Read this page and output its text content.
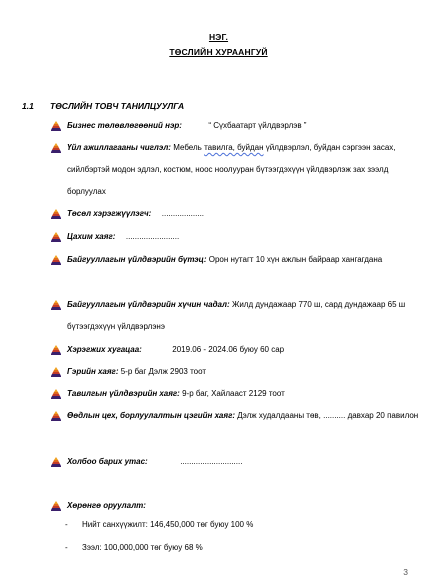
НЭГ.
ТӨСЛИЙН ХУРААНГУЙ
1.1 ТӨСЛИЙН ТОВЧ ТАНИЛЦУУЛГА
Бизнес төлөвлөгөөний нэр:	“ Сүхбаатарт үйлдвэрлэв ”
Үйл ажиллагааны чиглэл: Мебель тавилга, буйдан үйлдвэрлэл, буйдан сэргээн засах, сийлбэртэй модон эдлэл, костюм, ноос ноолууран бүтээгдэхүүн үйлдвэрлэж зах зээлд борлуулах
Төсөл хэрэгжүүлэгч: ...................
Цахим хаяг: ........................
Байгууллагын үйлдвэрийн бүтэц: Орон нутагт 10 хүн ажлын байраар хангагдана
Байгууллагын үйлдвэрийн хүчин чадал: Жилд дундажаар 770 ш, сард дундажаар 65 ш бүтээгдэхүүн үйлдвэрлэнэ
Хэрэгжих хугацаа:	2019.06 - 2024.06 буюу 60 сар
Гэрийн хаяг: 5-р баг Дэлж 2903 тоот
Тавилгын үйлдвэрийн хаяг: 9-р баг, Хайлааст 2129 тоот
Өөдлын цех, борлуулалтын цэгийн хаяг: Дэлж худалдааны төв, .......... давхар 20 павилон
Холбоо барих утас:	............................
Хөрөнгө оруулалт:
- Нийт санхүүжилт: 146,450,000 төг буюу 100 %
- Зээл: 100,000,000 төг буюу 68 %
3
